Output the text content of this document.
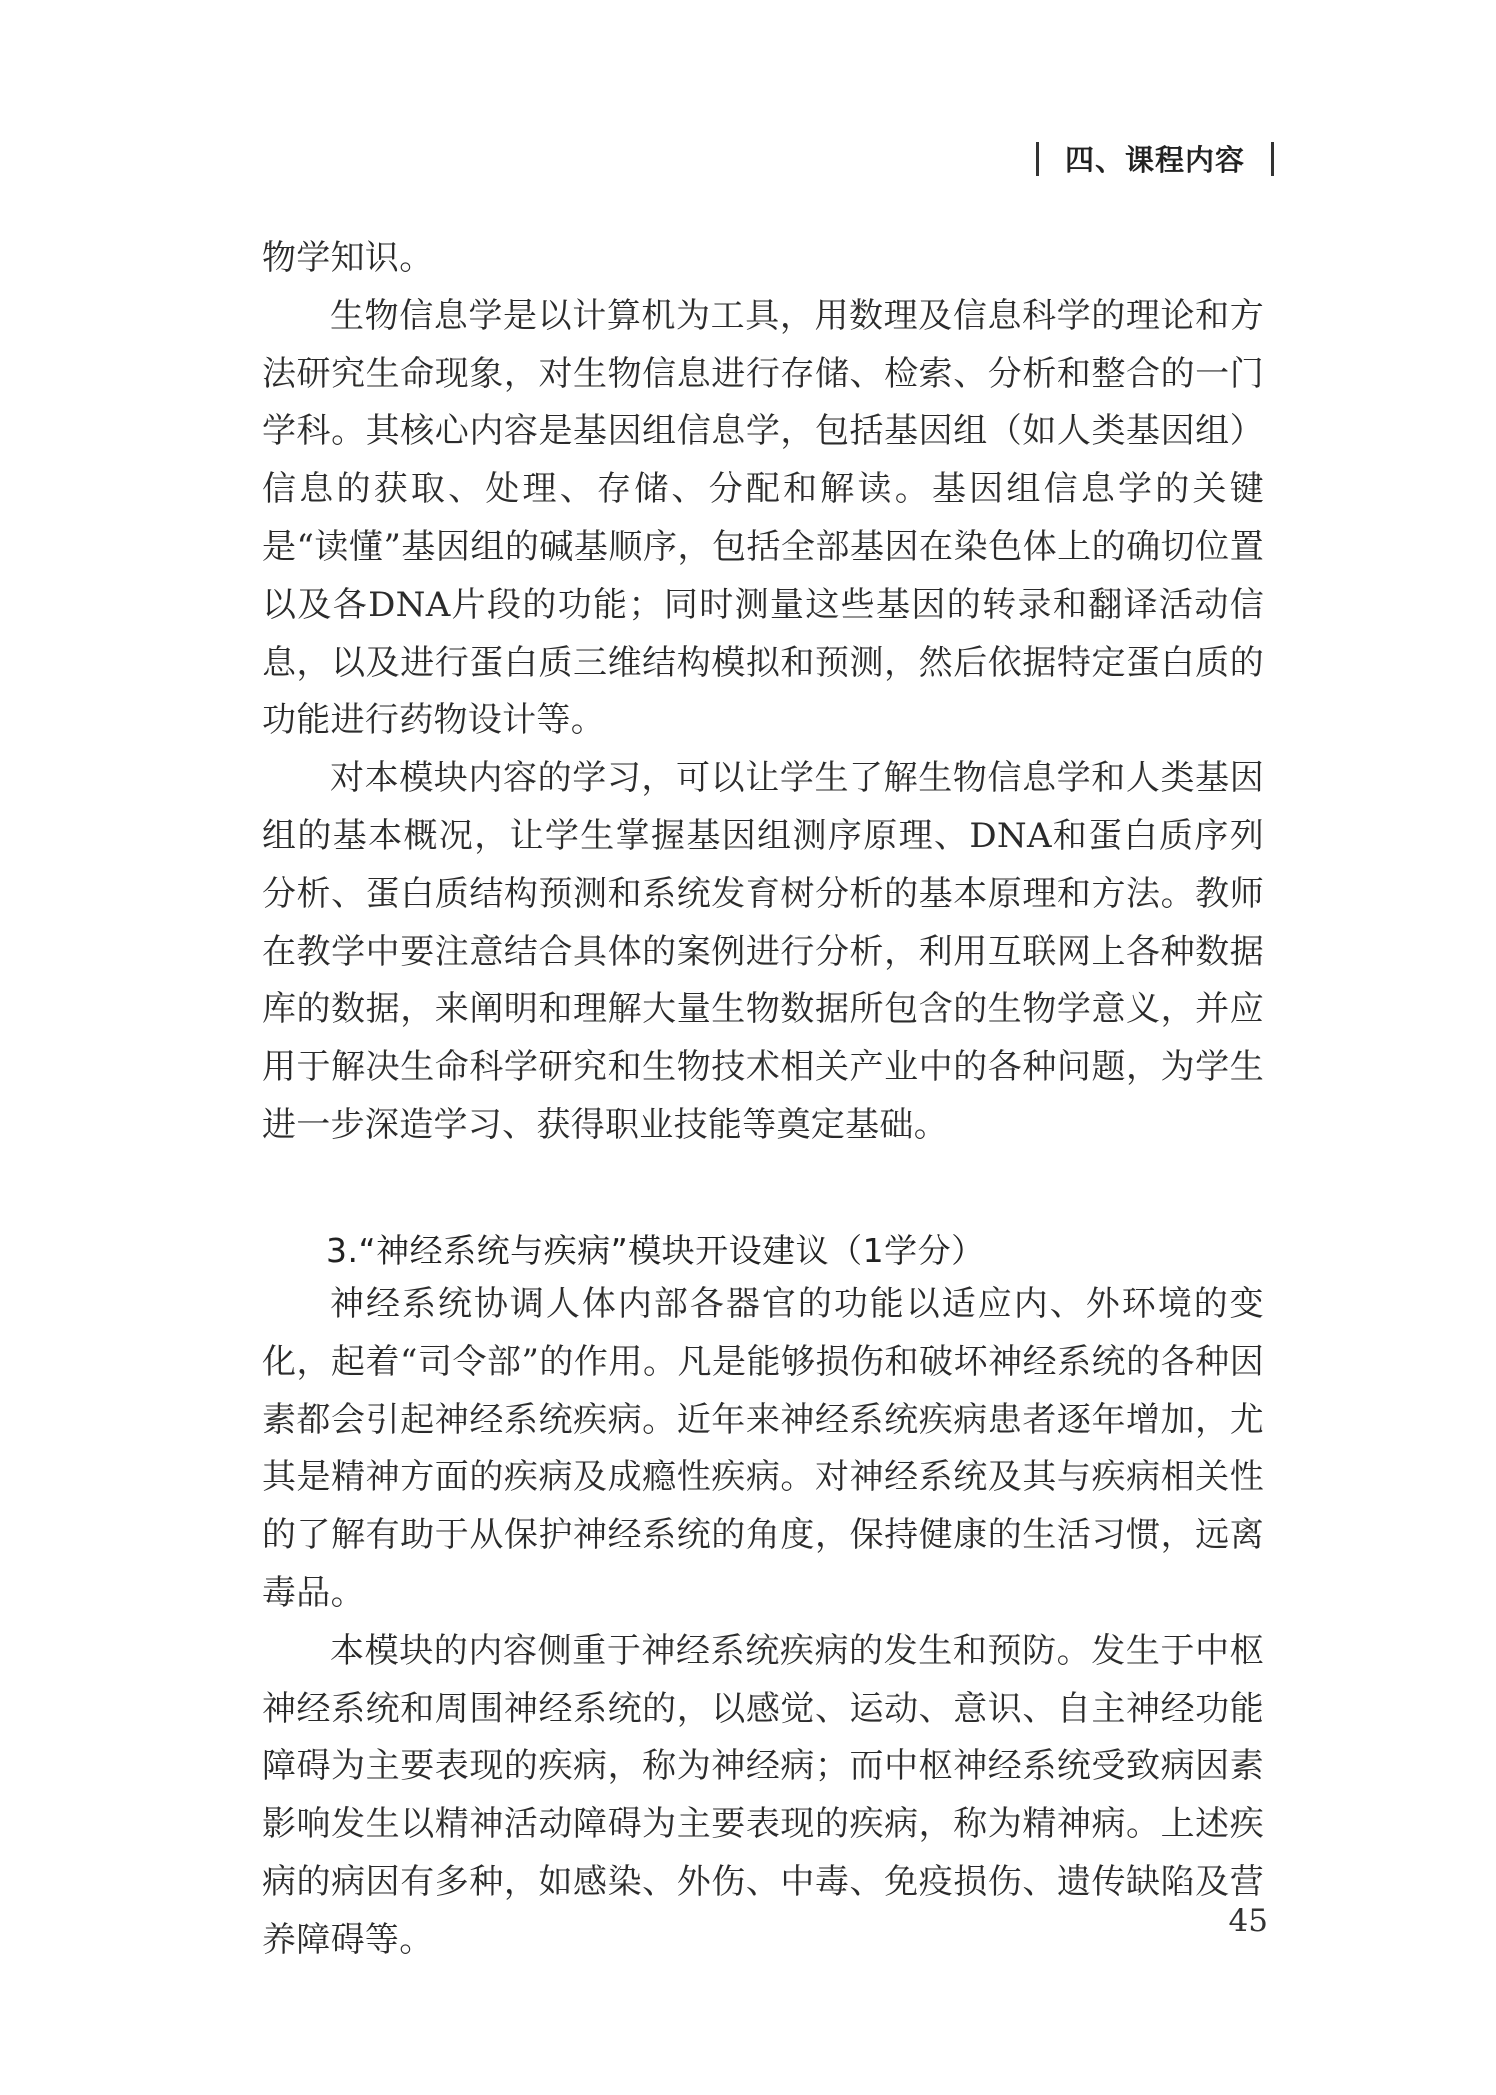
四、课程内容

物学知识。

生物信息学是以计算机为工具，用数理及信息科学的理论和方法研究生命现象，对生物信息进行存储、检索、分析和整合的一门学科。其核心内容是基因组信息学，包括基因组（如人类基因组）信息的获取、处理、存储、分配和解读。基因组信息学的关键是“读懂”基因组的碱基顺序，包括全部基因在染色体上的确切位置以及各DNA片段的功能；同时测量这些基因的转录和翻译活动信息，以及进行蛋白质三维结构模拟和预测，然后依据特定蛋白质的功能进行药物设计等。

对本模块内容的学习，可以让学生了解生物信息学和人类基因组的基本概况，让学生掌握基因组测序原理、DNA和蛋白质序列分析、蛋白质结构预测和系统发育树分析的基本原理和方法。教师在教学中要注意结合具体的案例进行分析，利用互联网上各种数据库的数据，来阐明和理解大量生物数据所包含的生物学意义，并应用于解决生命科学研究和生物技术相关产业中的各种问题，为学生进一步深造学习、获得职业技能等奠定基础。

3.“神经系统与疾病”模块开设建议（1学分）

神经系统协调人体内部各器官的功能以适应内、外环境的变化，起着“司令部”的作用。凡是能够损伤和破坏神经系统的各种因素都会引起神经系统疾病。近年来神经系统疾病患者逐年增加，尤其是精神方面的疾病及成瘾性疾病。对神经系统及其与疾病相关性的了解有助于从保护神经系统的角度，保持健康的生活习惯，远离毒品。

本模块的内容侧重于神经系统疾病的发生和预防。发生于中枢神经系统和周围神经系统的，以感觉、运动、意识、自主神经功能障碍为主要表现的疾病，称为神经病；而中枢神经系统受致病因素影响发生以精神活动障碍为主要表现的疾病，称为精神病。上述疾病的病因有多种，如感染、外伤、中毒、免疫损伤、遗传缺陷及营养障碍等。	45
